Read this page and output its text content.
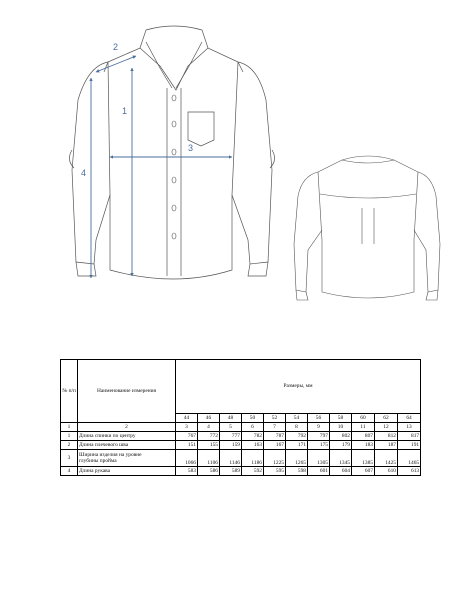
2
1
3
4
№ п/п	Наименование измерения	Размеры, мм										
		44	46	48	50	52	54	56	58	60	62	64
1	2	3	4	5	6	7	8	9	10	11	12	13
1	Длина спинки по центру	767	772	777	782	787	792	797	802	807	812	817
2	Длина плечевого шва	151	155	159	163	167	171	175	179	183	187	191
3	Ширина изделия на уровне
глубины пройма	1066	1106	1146	1186	1225	1265	1305	1345	1385	1425	1465
4	Длина рукава	583	586	589	592	595	598	601	604	607	610	613
